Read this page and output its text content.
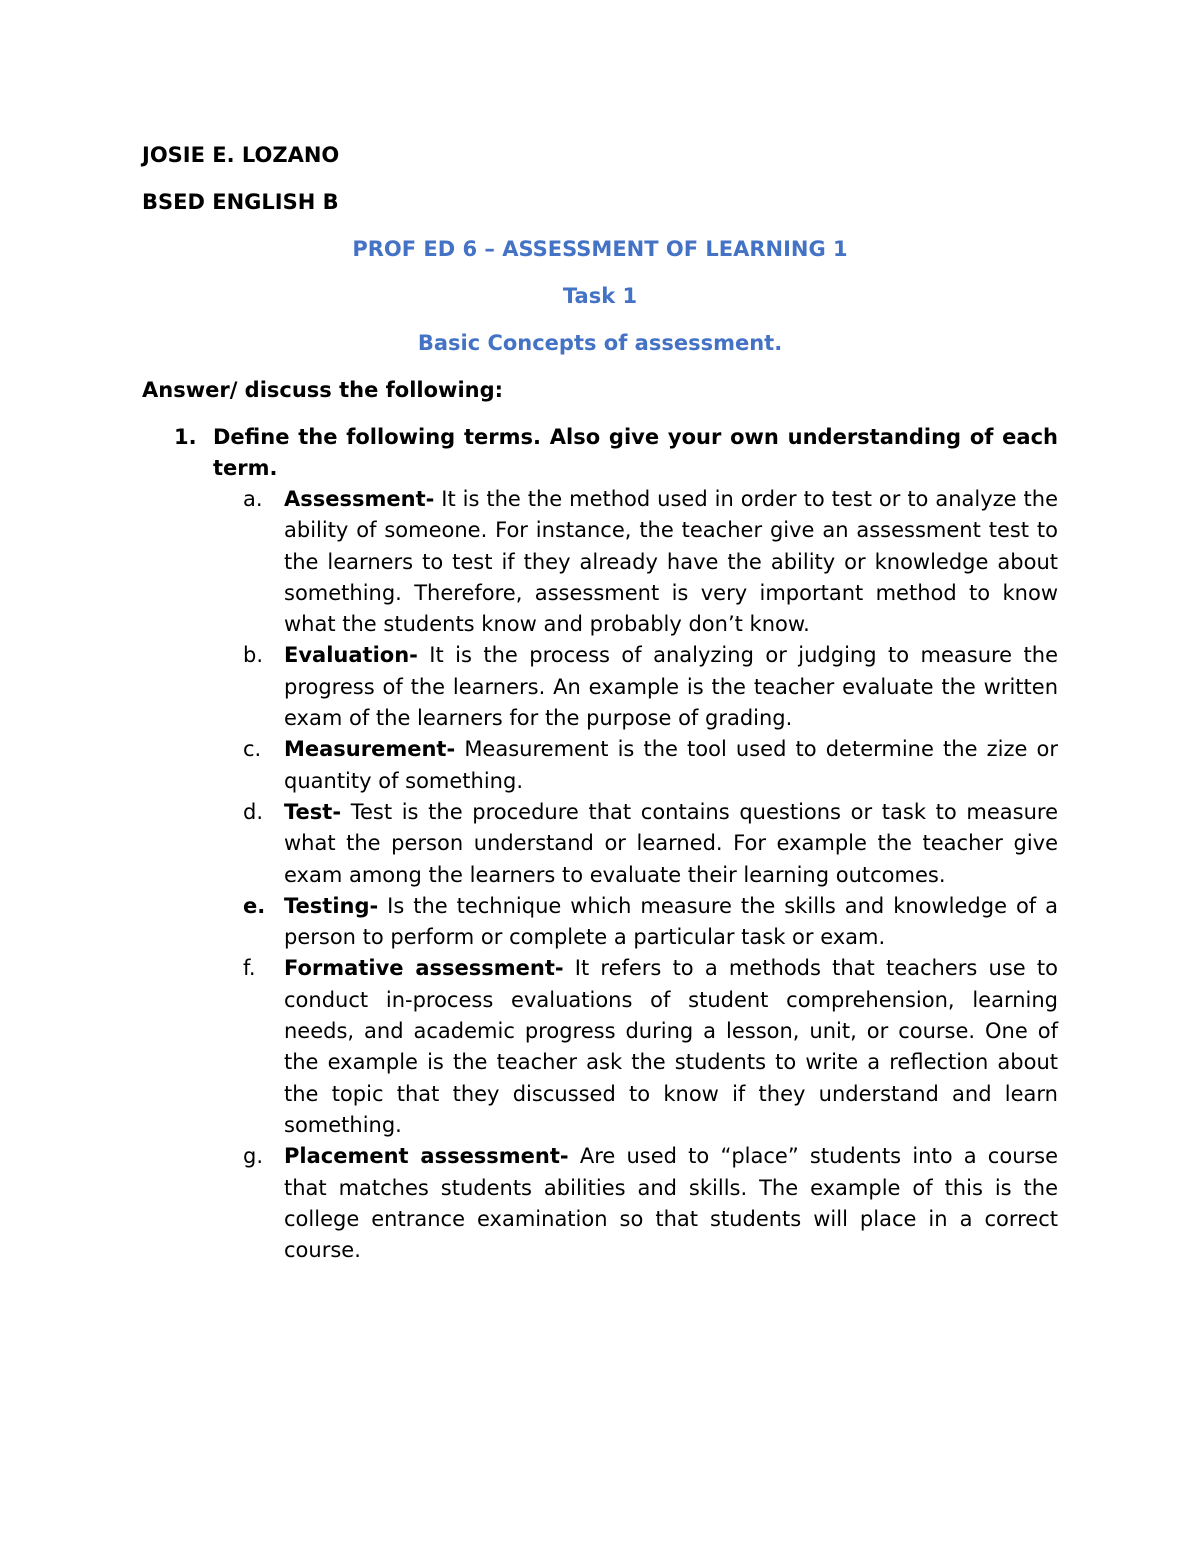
JOSIE E. LOZANO
BSED ENGLISH B
PROF ED 6 – ASSESSMENT OF LEARNING 1
Task 1
Basic Concepts of assessment.
Answer/ discuss the following:
1. Define the following terms. Also give your own understanding of each term.
a.	Assessment- It is the the method used in order to test or to analyze the ability of someone. For instance, the teacher give an assessment test to the learners to test if they already have the ability or knowledge about something. Therefore, assessment is very important method to know what the students know and probably don’t know.
b. Evaluation- It is the process of analyzing or judging to measure the progress of the learners. An example is the teacher evaluate the written exam of the learners for the purpose of grading.
c.	Measurement- Measurement is the tool used to determine the zize or quantity of something.
d. Test- Test is the procedure that contains questions or task to measure what the person understand or learned. For example the teacher give exam among the learners to evaluate their learning outcomes.
e. Testing- Is the technique which measure the skills and knowledge of a person to perform or complete a particular task or exam.
f.	Formative assessment- It refers to a methods that teachers use to conduct in-process evaluations of student comprehension, learning needs, and academic progress during a lesson, unit, or course. One of the example is the teacher ask the students to write a reflection about the topic that they discussed to know if they understand and learn something.
g. Placement assessment- Are used to “place” students into a course that matches students abilities and skills. The example of this is the college entrance examination so that students will place in a correct course.
